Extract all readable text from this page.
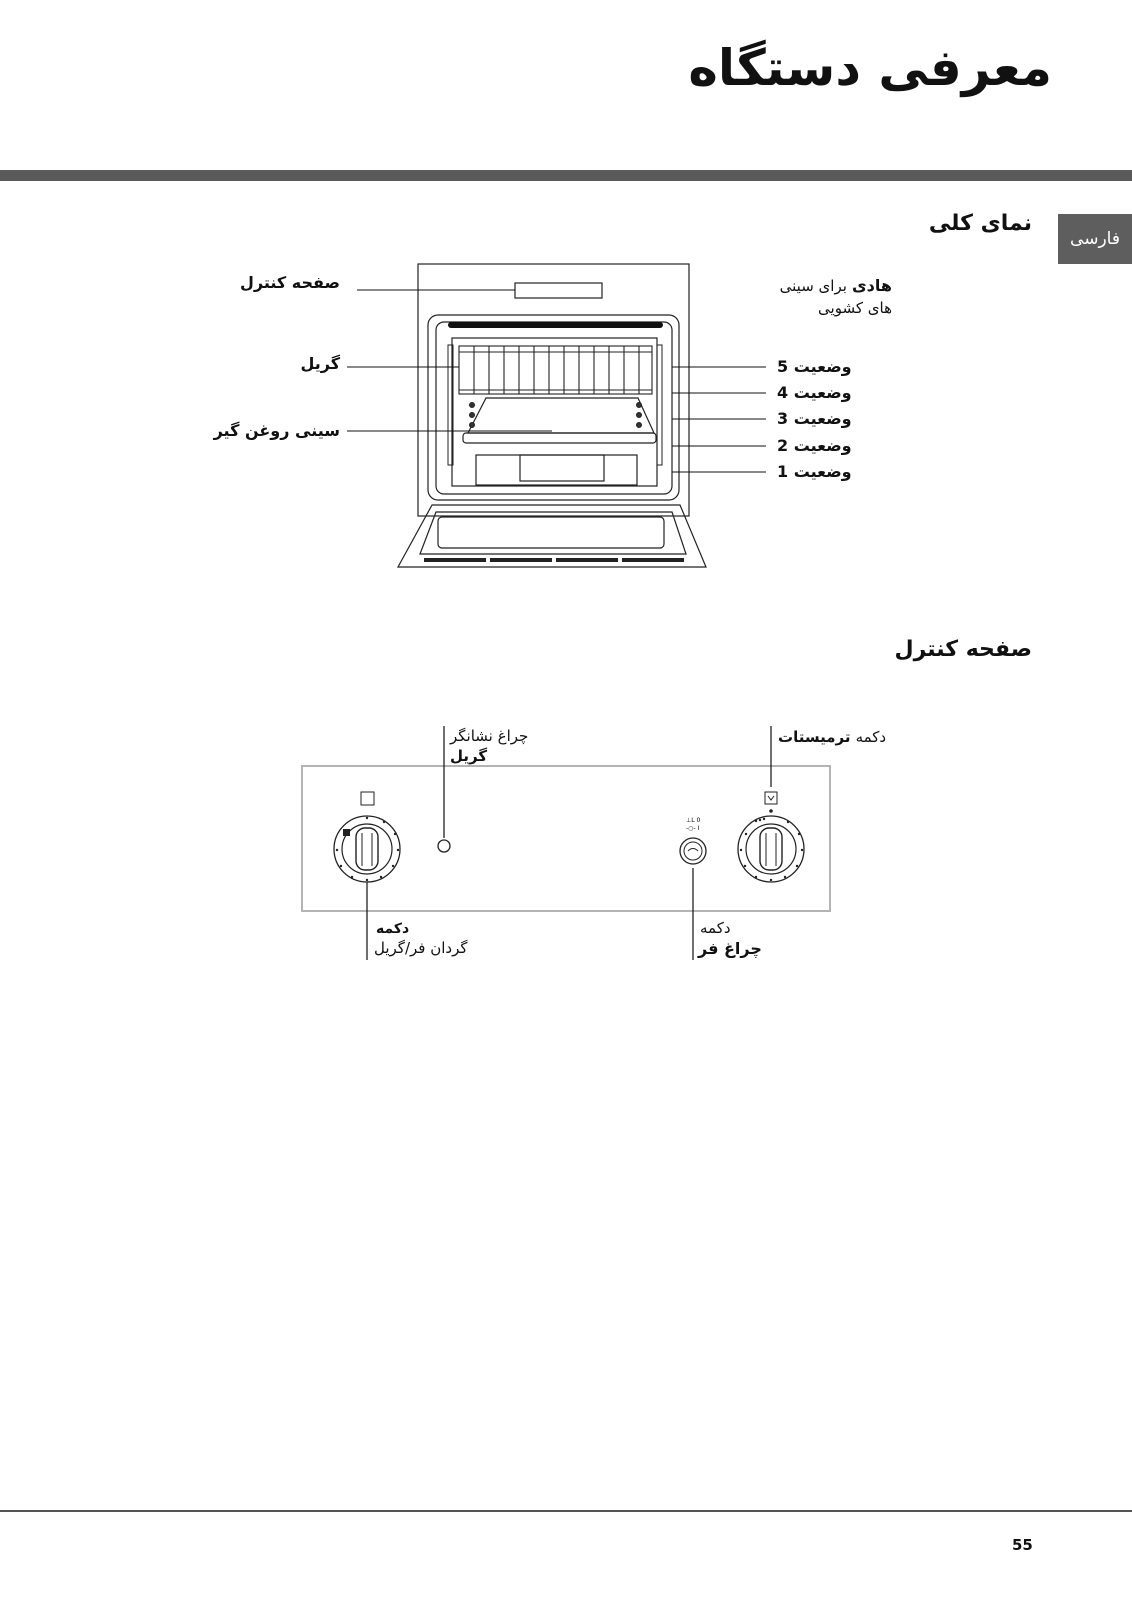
معرفی دستگاه
فارسی
نمای کلی
صفحه کنترل
گریل
سینی روغن گیر
هادی برای سینی
های کشویی
وضعیت 5
وضعیت 4
وضعیت 3
وضعیت 2
وضعیت 1
صفحه کنترل
⊥L 0
-○- I
دکمه ترمیستات
چراغ نشانگر
گریل
دکمه
گردان فر/گریل
دکمه
چراغ فر
55
